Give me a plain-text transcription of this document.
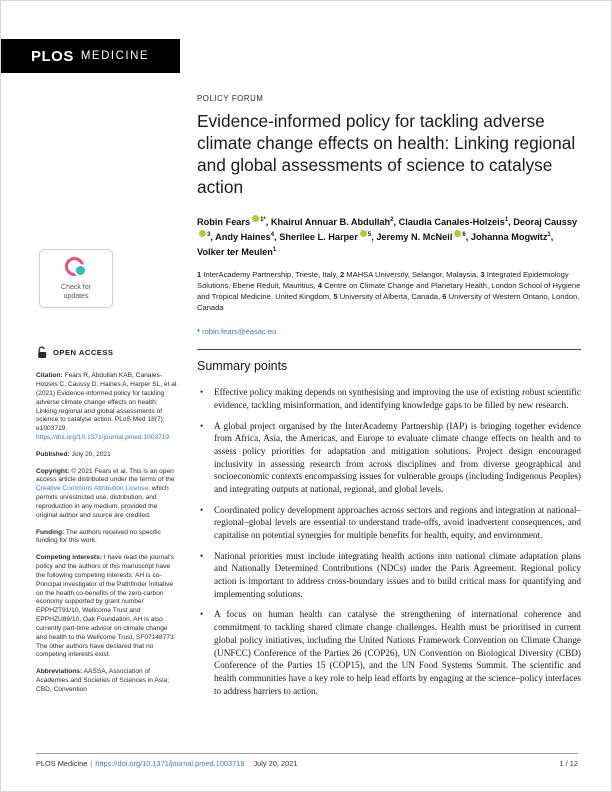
PLOS MEDICINE
Check for
updates
OPEN ACCESS

Citation: Fears R, Abdullah KAB, Canales-Holzeis C, Caussy D, Haines A, Harper SL, et al. (2021) Evidence-informed policy for tackling adverse climate change effects on health: Linking regional and global assessments of science to catalyse action. PLoS Med 18(7): e1003719. https://doi.org/10.1371/journal.pmed.1003719

Published: July 20, 2021

Copyright: © 2021 Fears et al. This is an open access article distributed under the terms of the Creative Commons Attribution License, which permits unrestricted use, distribution, and reproduction in any medium, provided the original author and source are credited.

Funding: The authors received no specific funding for this work.

Competing interests: I have read the journal's policy and the authors of this manuscript have the following competing interests: AH is co-Principal investigator of the Pathfinder Initiative on the health co-benefits of the zero-carbon economy supported by grant number EPPHZT91/10, Wellcome Trust and EPPHZU89/10, Oak Foundation. AH is also currently part-time advisor on climate change and health to the Wellcome Trust, SF07148773. The other authors have declared that no competing interests exist.

Abbreviations: AASSA, Association of Academies and Societies of Sciences in Asia; CBD, Convention

POLICY FORUM
Evidence-informed policy for tackling adverse climate change effects on health: Linking regional and global assessments of science to catalyse action

Robin Fears $^{1*}$, Khairul Annuar B. Abdullah$^2$, Claudia Canales-Holzeis$^1$, Deoraj Caussy$^3$, Andy Haines$^4$, Sherilee L. Harper $^5$, Jeremy N. McNeil $^6$, Johanna Mogwitz$^1$, Volker ter Meulen$^1$

1 InterAcademy Partnership, Trieste, Italy, 2 MAHSA University, Selangor, Malaysia, 3 Integrated Epidemiology Solutions, Ebene Reduit, Mauritius, 4 Centre on Climate Change and Planetary Health, London School of Hygiene and Tropical Medicine, United Kingdom, 5 University of Alberta, Canada, 6 University of Western Ontario, London, Canada

* robin.fears@easac.eu

Summary points
• Effective policy making depends on synthesising and improving the use of existing robust scientific evidence, tackling misinformation, and identifying knowledge gaps to be filled by new research.
• A global project organised by the InterAcademy Partnership (IAP) is bringing together evidence from Africa, Asia, the Americas, and Europe to evaluate climate change effects on health and to assess policy priorities for adaptation and mitigation solutions. Project design encouraged inclusivity in assessing research from across disciplines and from diverse geographical and socioeconomic contexts encompassing issues for vulnerable groups (including Indigenous Peoples) and integrating outputs at national, regional, and global levels.
• Coordinated policy development approaches across sectors and regions and integration at national–regional–global levels are essential to understand trade-offs, avoid inadvertent consequences, and capitalise on potential synergies for multiple benefits for health, equity, and environment.
• National priorities must include integrating health actions into national climate adaptation plans and Nationally Determined Contributions (NDCs) under the Paris Agreement. Regional policy action is important to address cross-boundary issues and to build critical mass for quantifying and implementing solutions.
• A focus on human health can catalyse the strengthening of international coherence and commitment to tackling shared climate change challenges. Health must be prioritised in current global policy initiatives, including the United Nations Framework Convention on Climate Change (UNFCC) Conference of the Parties 26 (COP26), UN Convention on Biological Diversity (CBD) Conference of the Parties 15 (COP15), and the UN Food Systems Summit. The scientific and health communities have a key role to help lead efforts by engaging at the science–policy interfaces to address barriers to action.
PLOS Medicine | https://doi.org/10.1371/journal.pmed.1003719 July 20, 2021	1 / 12
